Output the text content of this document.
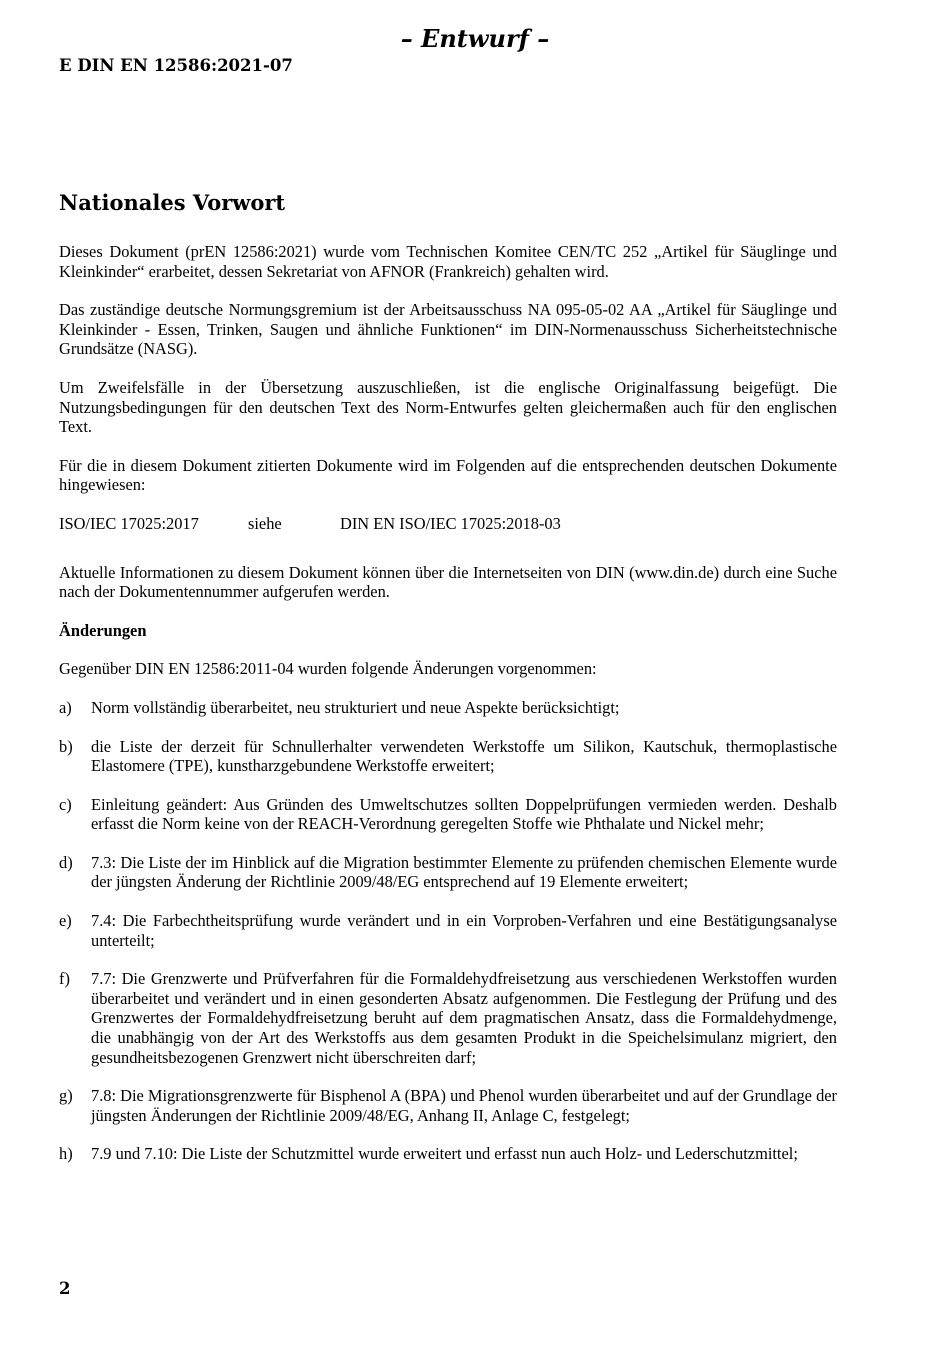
– Entwurf –
E DIN EN 12586:2021-07
Nationales Vorwort

Dieses Dokument (prEN 12586:2021) wurde vom Technischen Komitee CEN/TC 252 „Artikel für Säuglinge und Kleinkinder“ erarbeitet, dessen Sekretariat von AFNOR (Frankreich) gehalten wird.

Das zuständige deutsche Normungsgremium ist der Arbeitsausschuss NA 095-05-02 AA „Artikel für Säuglinge und Kleinkinder - Essen, Trinken, Saugen und ähnliche Funktionen“ im DIN-Normenausschuss Sicherheitstechnische Grundsätze (NASG).

Um Zweifelsfälle in der Übersetzung auszuschließen, ist die englische Originalfassung beigefügt. Die Nutzungsbedingungen für den deutschen Text des Norm-Entwurfes gelten gleichermaßen auch für den englischen Text.

Für die in diesem Dokument zitierten Dokumente wird im Folgenden auf die entsprechenden deutschen Dokumente hingewiesen:

ISO/IEC 17025:2017	siehe	DIN EN ISO/IEC 17025:2018-03

Aktuelle Informationen zu diesem Dokument können über die Internetseiten von DIN (www.din.de) durch eine Suche nach der Dokumentennummer aufgerufen werden.

Änderungen

Gegenüber DIN EN 12586:2011-04 wurden folgende Änderungen vorgenommen:

a)	Norm vollständig überarbeitet, neu strukturiert und neue Aspekte berücksichtigt;
b)	die Liste der derzeit für Schnullerhalter verwendeten Werkstoffe um Silikon, Kautschuk, thermoplastische Elastomere (TPE), kunstharzgebundene Werkstoffe erweitert;
c)	Einleitung geändert: Aus Gründen des Umweltschutzes sollten Doppelprüfungen vermieden werden. Deshalb erfasst die Norm keine von der REACH-Verordnung geregelten Stoffe wie Phthalate und Nickel mehr;
d)	7.3: Die Liste der im Hinblick auf die Migration bestimmter Elemente zu prüfenden chemischen Elemente wurde der jüngsten Änderung der Richtlinie 2009/48/EG entsprechend auf 19 Elemente erweitert;
e)	7.4: Die Farbechtheitsprüfung wurde verändert und in ein Vorproben-Verfahren und eine Bestätigungsanalyse unterteilt;
f)	7.7: Die Grenzwerte und Prüfverfahren für die Formaldehydfreisetzung aus verschiedenen Werkstoffen wurden überarbeitet und verändert und in einen gesonderten Absatz aufgenommen. Die Festlegung der Prüfung und des Grenzwertes der Formaldehydfreisetzung beruht auf dem pragmatischen Ansatz, dass die Formaldehydmenge, die unabhängig von der Art des Werkstoffs aus dem gesamten Produkt in die Speichelsimulanz migriert, den gesundheitsbezogenen Grenzwert nicht überschreiten darf;
g)	7.8: Die Migrationsgrenzwerte für Bisphenol A (BPA) und Phenol wurden überarbeitet und auf der Grundlage der jüngsten Änderungen der Richtlinie 2009/48/EG, Anhang II, Anlage C, festgelegt;
h)	7.9 und 7.10: Die Liste der Schutzmittel wurde erweitert und erfasst nun auch Holz- und Lederschutzmittel;
2
